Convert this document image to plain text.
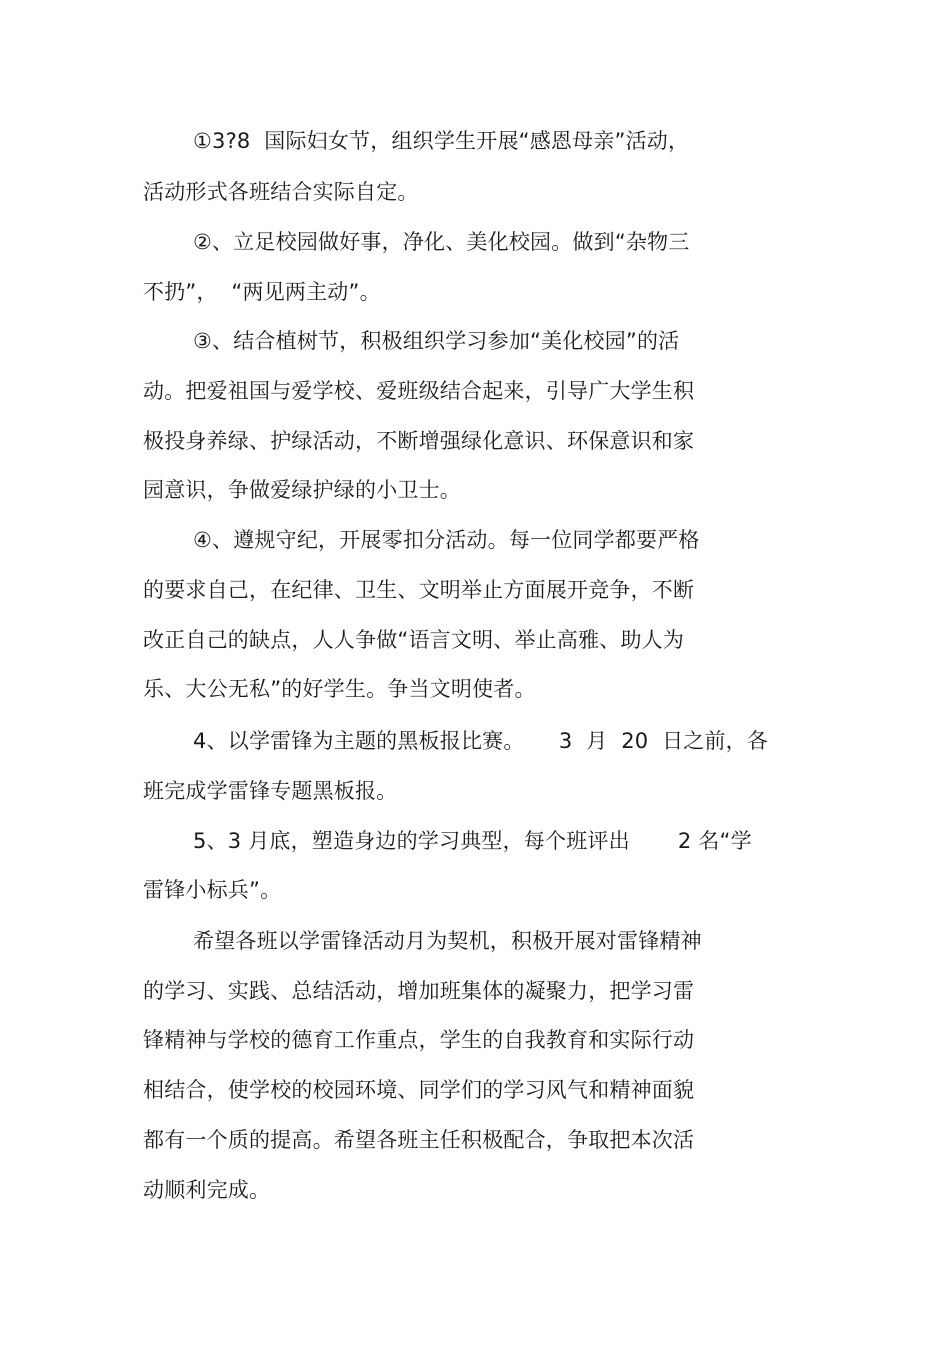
①3?8  国际妇女节，组织学生开展“感恩母亲”活动，
活动形式各班结合实际自定。
②、立足校园做好事，净化、美化校园。做到“杂物三
不扔”，  “两见两主动”。
③、结合植树节，积极组织学习参加“美化校园”的活
动。把爱祖国与爱学校、爱班级结合起来，引导广大学生积
极投身养绿、护绿活动，不断增强绿化意识、环保意识和家
园意识，争做爱绿护绿的小卫士。
④、遵规守纪，开展零扣分活动。每一位同学都要严格
的要求自己，在纪律、卫生、文明举止方面展开竞争，不断
改正自己的缺点，人人争做“语言文明、举止高雅、助人为
乐、大公无私”的好学生。争当文明使者。
4、以学雷锋为主题的黑板报比赛。     3  月  20  日之前，各
班完成学雷锋专题黑板报。
5、3 月底，塑造身边的学习典型，每个班评出       2 名“学
雷锋小标兵”。
希望各班以学雷锋活动月为契机，积极开展对雷锋精神
的学习、实践、总结活动，增加班集体的凝聚力，把学习雷
锋精神与学校的德育工作重点，学生的自我教育和实际行动
相结合，使学校的校园环境、同学们的学习风气和精神面貌
都有一个质的提高。希望各班主任积极配合，争取把本次活
动顺利完成。
